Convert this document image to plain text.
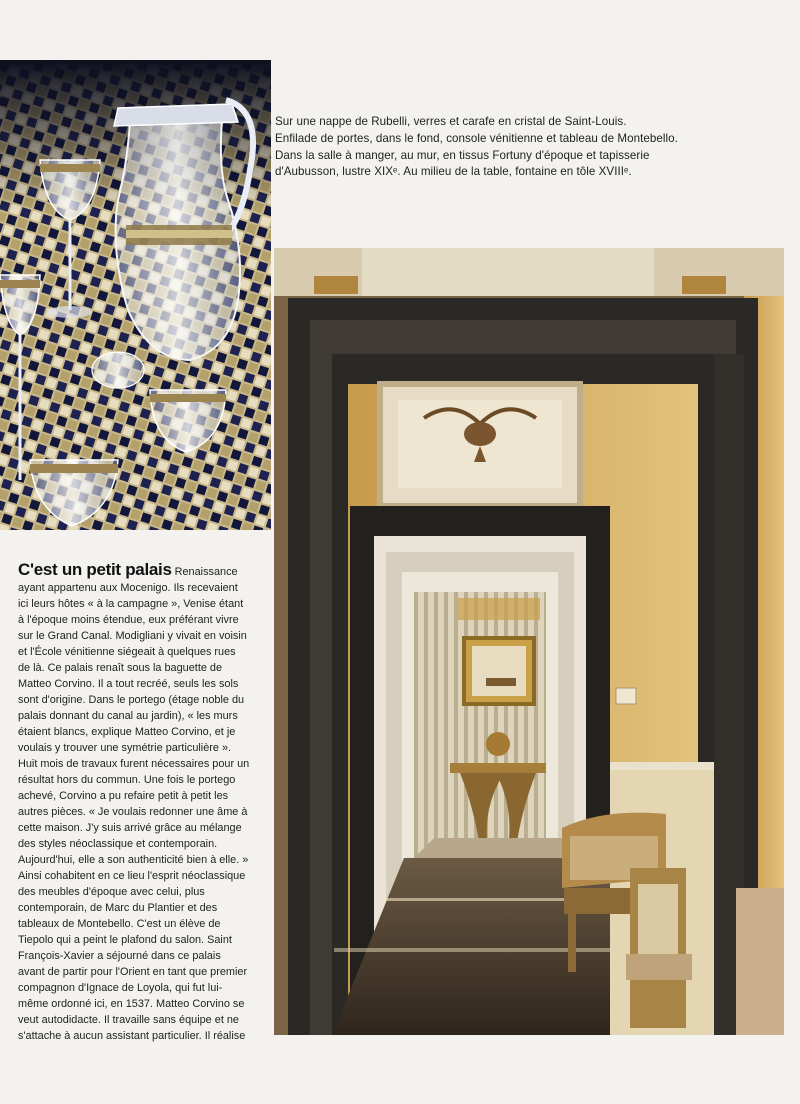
Sur une nappe de Rubelli, verres et carafe en cristal de Saint-Louis.

Enfilade de portes, dans le fond, console vénitienne et tableau de Montebello.

Dans la salle à manger, au mur, en tissus Fortuny d'époque et tapisserie

d'Aubusson, lustre XIXᵉ. Au milieu de la table, fontaine en tôle XVIIIᵉ.

C'est un petit palais Renaissance

ayant appartenu aux Mocenigo. Ils recevaient

ici leurs hôtes « à la campagne », Venise étant

à l'époque moins étendue, eux préférant vivre

sur le Grand Canal. Modigliani y vivait en voisin

et l'École vénitienne siégeait à quelques rues

de là. Ce palais renaît sous la baguette de

Matteo Corvino. Il a tout recréé, seuls les sols

sont d'origine. Dans le portego (étage noble du

palais donnant du canal au jardin), « les murs

étaient blancs, explique Matteo Corvino, et je

voulais y trouver une symétrie particulière ».

Huit mois de travaux furent nécessaires pour un

résultat hors du commun. Une fois le portego

achevé, Corvino a pu refaire petit à petit les

autres pièces. « Je voulais redonner une âme à

cette maison. J'y suis arrivé grâce au mélange

des styles néoclassique et contemporain.

Aujourd'hui, elle a son authenticité bien à elle. »

Ainsi cohabitent en ce lieu l'esprit néoclassique

des meubles d'époque avec celui, plus

contemporain, de Marc du Plantier et des

tableaux de Montebello. C'est un élève de

Tiepolo qui a peint le plafond du salon. Saint

François-Xavier a séjourné dans ce palais

avant de partir pour l'Orient en tant que premier

compagnon d'Ignace de Loyola, qui fut lui-

même ordonné ici, en 1537. Matteo Corvino se

veut autodidacte. Il travaille sans équipe et ne

s'attache à aucun assistant particulier. Il réalise
